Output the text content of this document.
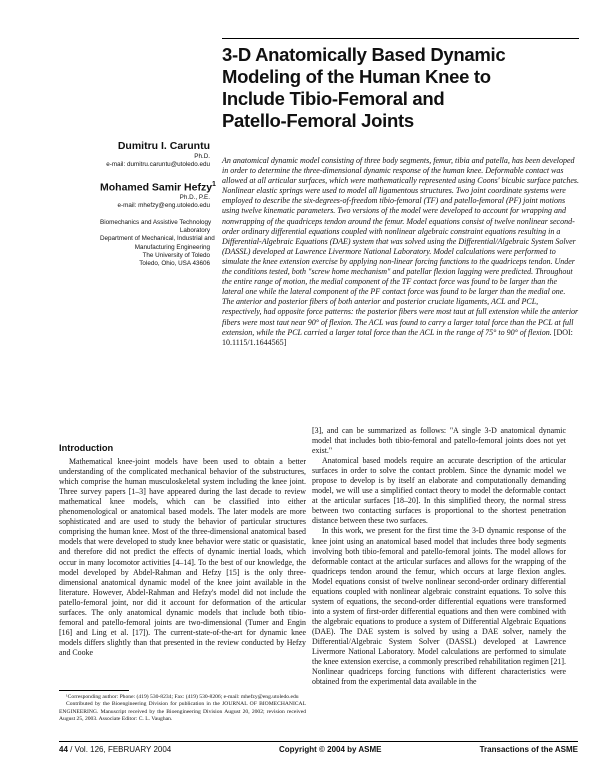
3-D Anatomically Based Dynamic
Modeling of the Human Knee to
Include Tibio-Femoral and
Patello-Femoral Joints
Dumitru I. Caruntu
Ph.D.
e-mail: dumitru.caruntu@utoledo.edu
Mohamed Samir Hefzy$^1$
Ph.D., P.E.
e-mail: mhefzy@eng.utoledo.edu
Biomechanics and Assistive Technology
Laboratory
Department of Mechanical, Industrial and
Manufacturing Engineering
The University of Toledo
Toledo, Ohio, USA 43606
An anatomical dynamic model consisting of three body segments, femur, tibia and patella, has been developed in order to determine the three-dimensional dynamic response of the human knee. Deformable contact was allowed at all articular surfaces, which were mathematically represented using Coons' bicubic surface patches. Nonlinear elastic springs were used to model all ligamentous structures. Two joint coordinate systems were employed to describe the six-degrees-of-freedom tibio-femoral (TF) and patello-femoral (PF) joint motions using twelve kinematic parameters. Two versions of the model were developed to account for wrapping and nonwrapping of the quadriceps tendon around the femur. Model equations consist of twelve nonlinear second-order ordinary differential equations coupled with nonlinear algebraic constraint equations resulting in a Differential-Algebraic Equations (DAE) system that was solved using the Differential/Algebraic System Solver (DASSL) developed at Lawrence Livermore National Laboratory. Model calculations were performed to simulate the knee extension exercise by applying non-linear forcing functions to the quadriceps tendon. Under the conditions tested, both "screw home mechanism" and patellar flexion lagging were predicted. Throughout the entire range of motion, the medial component of the TF contact force was found to be larger than the lateral one while the lateral component of the PF contact force was found to be larger than the medial one. The anterior and posterior fibers of both anterior and posterior cruciate ligaments, ACL and PCL, respectively, had opposite force patterns: the posterior fibers were most taut at full extension while the anterior fibers were most taut near 90° of flexion. The ACL was found to carry a larger total force than the PCL at full extension, while the PCL carried a larger total force than the ACL in the range of 75° to 90° of flexion. [DOI: 10.1115/1.1644565]

Introduction

Mathematical knee-joint models have been used to obtain a better understanding of the complicated mechanical behavior of the substructures, which comprise the human musculoskeletal system including the knee joint. Three survey papers [1–3] have appeared during the last decade to review mathematical knee models, which can be classified into either phenomenological or anatomical based models. The later models are more sophisticated and are used to study the behavior of particular structures comprising the human knee. Most of the three-dimensional anatomical based models that were developed to study knee behavior were static or quasistatic, and therefore did not predict the effects of dynamic inertial loads, which occur in many locomotor activities [4–14]. To the best of our knowledge, the model developed by Abdel-Rahman and Hefzy [15] is the only three-dimensional anatomical dynamic model of the knee joint available in the literature. However, Abdel-Rahman and Hefzy's model did not include the patello-femoral joint, nor did it account for deformation of the articular surfaces. The only anatomical dynamic models that include both tibio-femoral and patello-femoral joints are two-dimensional (Tumer and Engin [16] and Ling et al. [17]). The current-state-of-the-art for dynamic knee models differs slightly than that presented in the review conducted by Hefzy and Cooke

¹Corresponding author: Phone: (419) 530-8234; Fax: (419) 530-8206; e-mail: mhefzy@eng.utoledo.edu

Contributed by the Bioengineering Division for publication in the JOURNAL OF BIOMECHANICAL ENGINEERING. Manuscript received by the Bioengineering Division August 20, 2002; revision received August 25, 2003. Associate Editor: C. L. Vaughan.

[3], and can be summarized as follows: "A single 3-D anatomical dynamic model that includes both tibio-femoral and patello-femoral joints does not yet exist."

Anatomical based models require an accurate description of the articular surfaces in order to solve the contact problem. Since the dynamic model we propose to develop is by itself an elaborate and computationally demanding model, we will use a simplified contact theory to model the deformable contact at the articular surfaces [18–20]. In this simplified theory, the normal stress between two contacting surfaces is proportional to the shortest penetration distance between these two surfaces.

In this work, we present for the first time the 3-D dynamic response of the knee joint using an anatomical based model that includes three body segments involving both tibio-femoral and patello-femoral joints. The model allows for deformable contact at the articular surfaces and allows for the wrapping of the quadriceps tendon around the femur, which occurs at large flexion angles. Model equations consist of twelve nonlinear second-order ordinary differential equations coupled with nonlinear algebraic constraint equations. To solve this system of equations, the second-order differential equations were transformed into a system of first-order differential equations and then were combined with the algebraic equations to produce a system of Differential Algebraic Equations (DAE). The DAE system is solved by using a DAE solver, namely the Differential/Algebraic System Solver (DASSL) developed at Lawrence Livermore National Laboratory. Model calculations are performed to simulate the knee extension exercise, a commonly prescribed rehabilitation regimen [21]. Nonlinear quadriceps forcing functions with different characteristics were obtained from the experimental data available in the

44 / Vol. 126, FEBRUARY 2004	Copyright © 2004 by ASME	Transactions of the ASME
